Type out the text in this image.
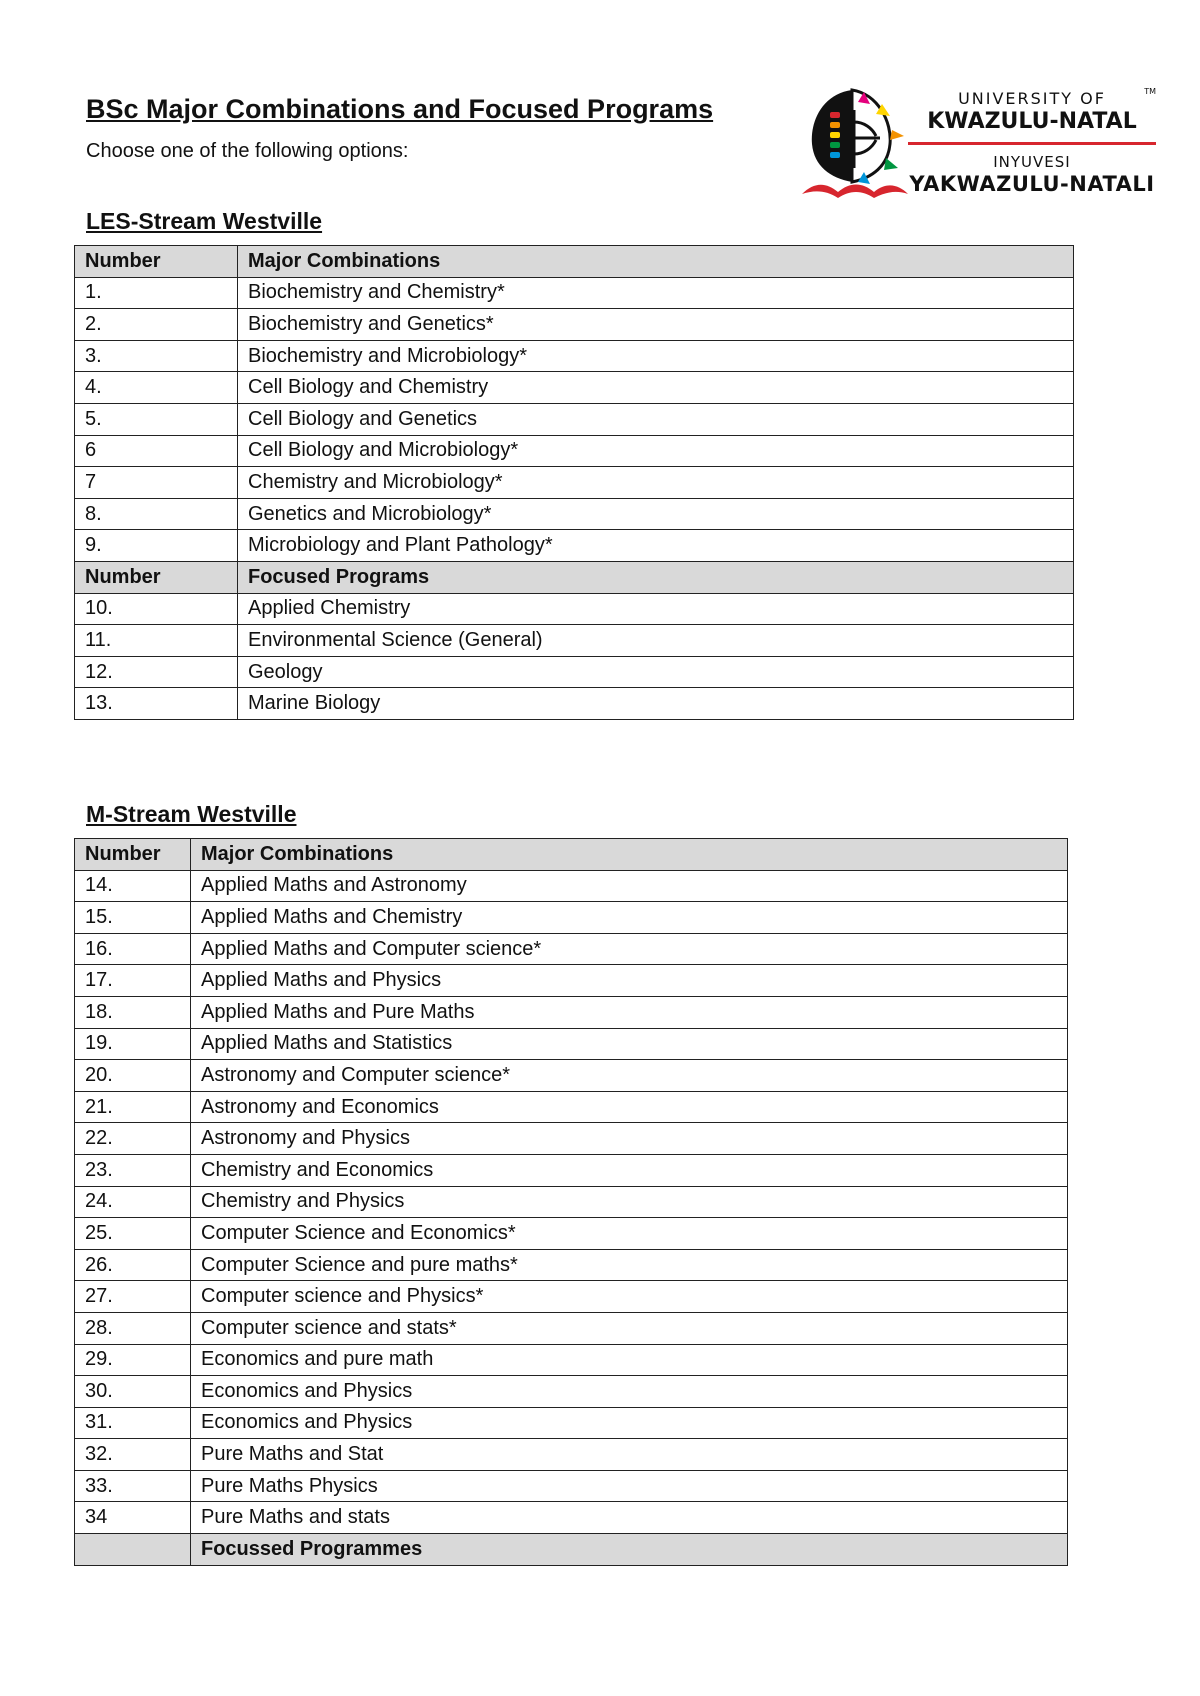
BSc Major Combinations and Focused Programs

Choose one of the following options:

UNIVERSITY OF
KWAZULU-NATAL
INYUVESI
YAKWAZULU-NATALI
TM
LES-Stream Westville
Number	Major Combinations
1.	Biochemistry and Chemistry*
2.	Biochemistry and Genetics*
3.	Biochemistry and Microbiology*
4.	Cell Biology and Chemistry
5.	Cell Biology and Genetics
6	Cell Biology and Microbiology*
7	Chemistry and Microbiology*
8.	Genetics and Microbiology*
9.	Microbiology and Plant Pathology*
Number	Focused Programs
10.	Applied Chemistry
11.	Environmental Science (General)
12.	Geology
13.	Marine Biology
M-Stream Westville
Number	Major Combinations
14.	Applied Maths and Astronomy
15.	Applied Maths and Chemistry
16.	Applied Maths and Computer science*
17.	Applied Maths and Physics
18.	Applied Maths and Pure Maths
19.	Applied Maths and Statistics
20.	Astronomy and Computer science*
21.	Astronomy and Economics
22.	Astronomy and Physics
23.	Chemistry and Economics
24.	Chemistry and Physics
25.	Computer Science and Economics*
26.	Computer Science and pure maths*
27.	Computer science and Physics*
28.	Computer science and stats*
29.	Economics and pure math
30.	Economics and Physics
31.	Economics and Physics
32.	Pure Maths and Stat
33.	Pure Maths Physics
34	Pure Maths and stats
	Focussed Programmes
